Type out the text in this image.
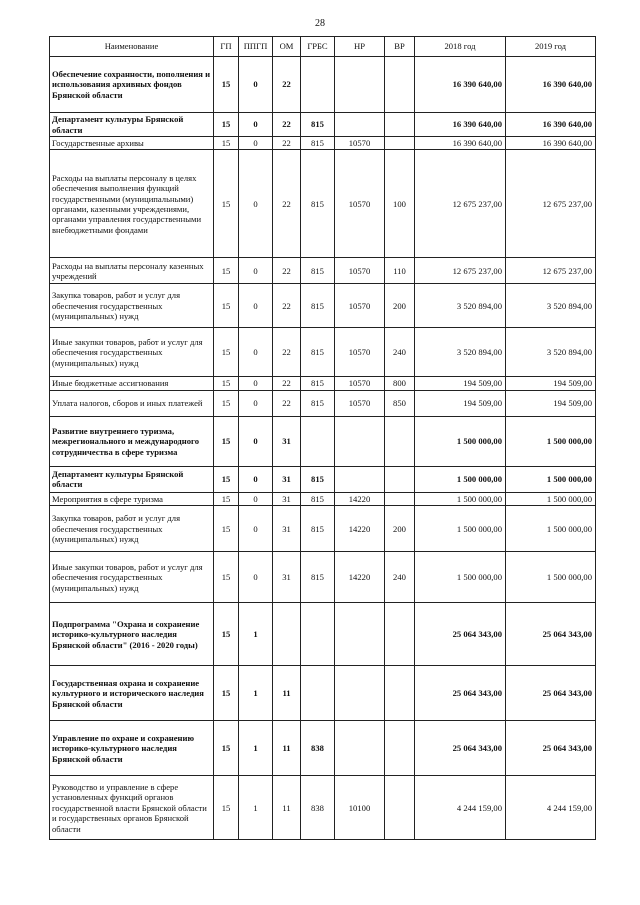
28
Наименование	ГП	ППГП	ОМ	ГРБС	НР	ВР	2018 год	2019 год
Обеспечение сохранности, пополнения и использования архивных фондов Брянской области	15	0	22				16 390 640,00	16 390 640,00
Департамент культуры Брянской области	15	0	22	815			16 390 640,00	16 390 640,00
Государственные архивы	15	0	22	815	10570		16 390 640,00	16 390 640,00
Расходы на выплаты персоналу в целях обеспечения выполнения функций государственными (муниципальными) органами, казенными учреждениями, органами управления государственными внебюджетными фондами	15	0	22	815	10570	100	12 675 237,00	12 675 237,00
Расходы на выплаты персоналу казенных учреждений	15	0	22	815	10570	110	12 675 237,00	12 675 237,00
Закупка товаров, работ и услуг для обеспечения государственных (муниципальных) нужд	15	0	22	815	10570	200	3 520 894,00	3 520 894,00
Иные закупки товаров, работ и услуг для обеспечения государственных (муниципальных) нужд	15	0	22	815	10570	240	3 520 894,00	3 520 894,00
Иные бюджетные ассигнования	15	0	22	815	10570	800	194 509,00	194 509,00
Уплата налогов, сборов и иных платежей	15	0	22	815	10570	850	194 509,00	194 509,00
Развитие внутреннего туризма, межрегионального и международного сотрудничества в сфере туризма	15	0	31				1 500 000,00	1 500 000,00
Департамент культуры Брянской области	15	0	31	815			1 500 000,00	1 500 000,00
Мероприятия в сфере туризма	15	0	31	815	14220		1 500 000,00	1 500 000,00
Закупка товаров, работ и услуг для обеспечения государственных (муниципальных) нужд	15	0	31	815	14220	200	1 500 000,00	1 500 000,00
Иные закупки товаров, работ и услуг для обеспечения государственных (муниципальных) нужд	15	0	31	815	14220	240	1 500 000,00	1 500 000,00
Подпрограмма "Охрана и сохранение историко-культурного наследия Брянской области" (2016 - 2020 годы)	15	1					25 064 343,00	25 064 343,00
Государственная охрана и сохранение культурного и исторического наследия Брянской области	15	1	11				25 064 343,00	25 064 343,00
Управление по охране и сохранению историко-культурного наследия Брянской области	15	1	11	838			25 064 343,00	25 064 343,00
Руководство и управление в сфере установленных функций органов государственной власти Брянской области и государственных органов Брянской области	15	1	11	838	10100		4 244 159,00	4 244 159,00
